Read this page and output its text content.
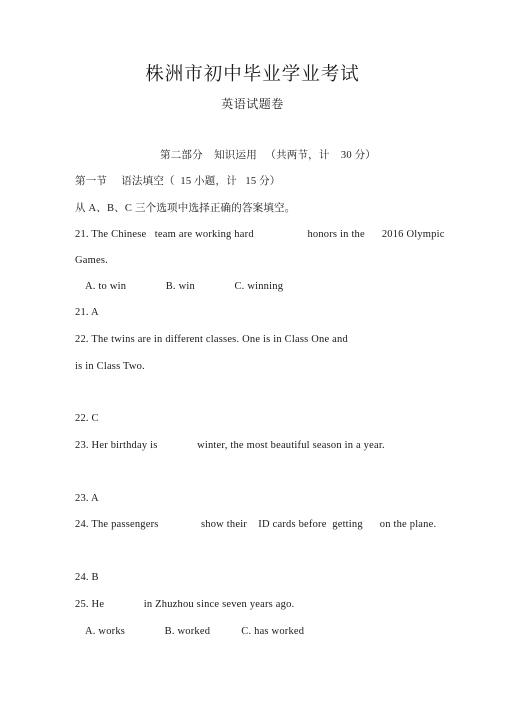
株洲市初中毕业学业考试
英语试题卷
第二部分    知识运用   （共两节，计    30 分）
第一节     语法填空（  15 小题，计   15 分）
从 A、B、C 三个选项中选择正确的答案填空。
21. The Chinese   team are working hard                   honors in the      2016 Olympic
Games.
A. to win              B. win              C. winning
21. A
22. The twins are in different classes. One is in Class One and
is in Class Two.
22. C
23. Her birthday is              winter, the most beautiful season in a year.
23. A
24. The passengers               show their    ID cards before  getting      on the plane.
24. B
25. He              in Zhuzhou since seven years ago.
A. works              B. worked           C. has worked
